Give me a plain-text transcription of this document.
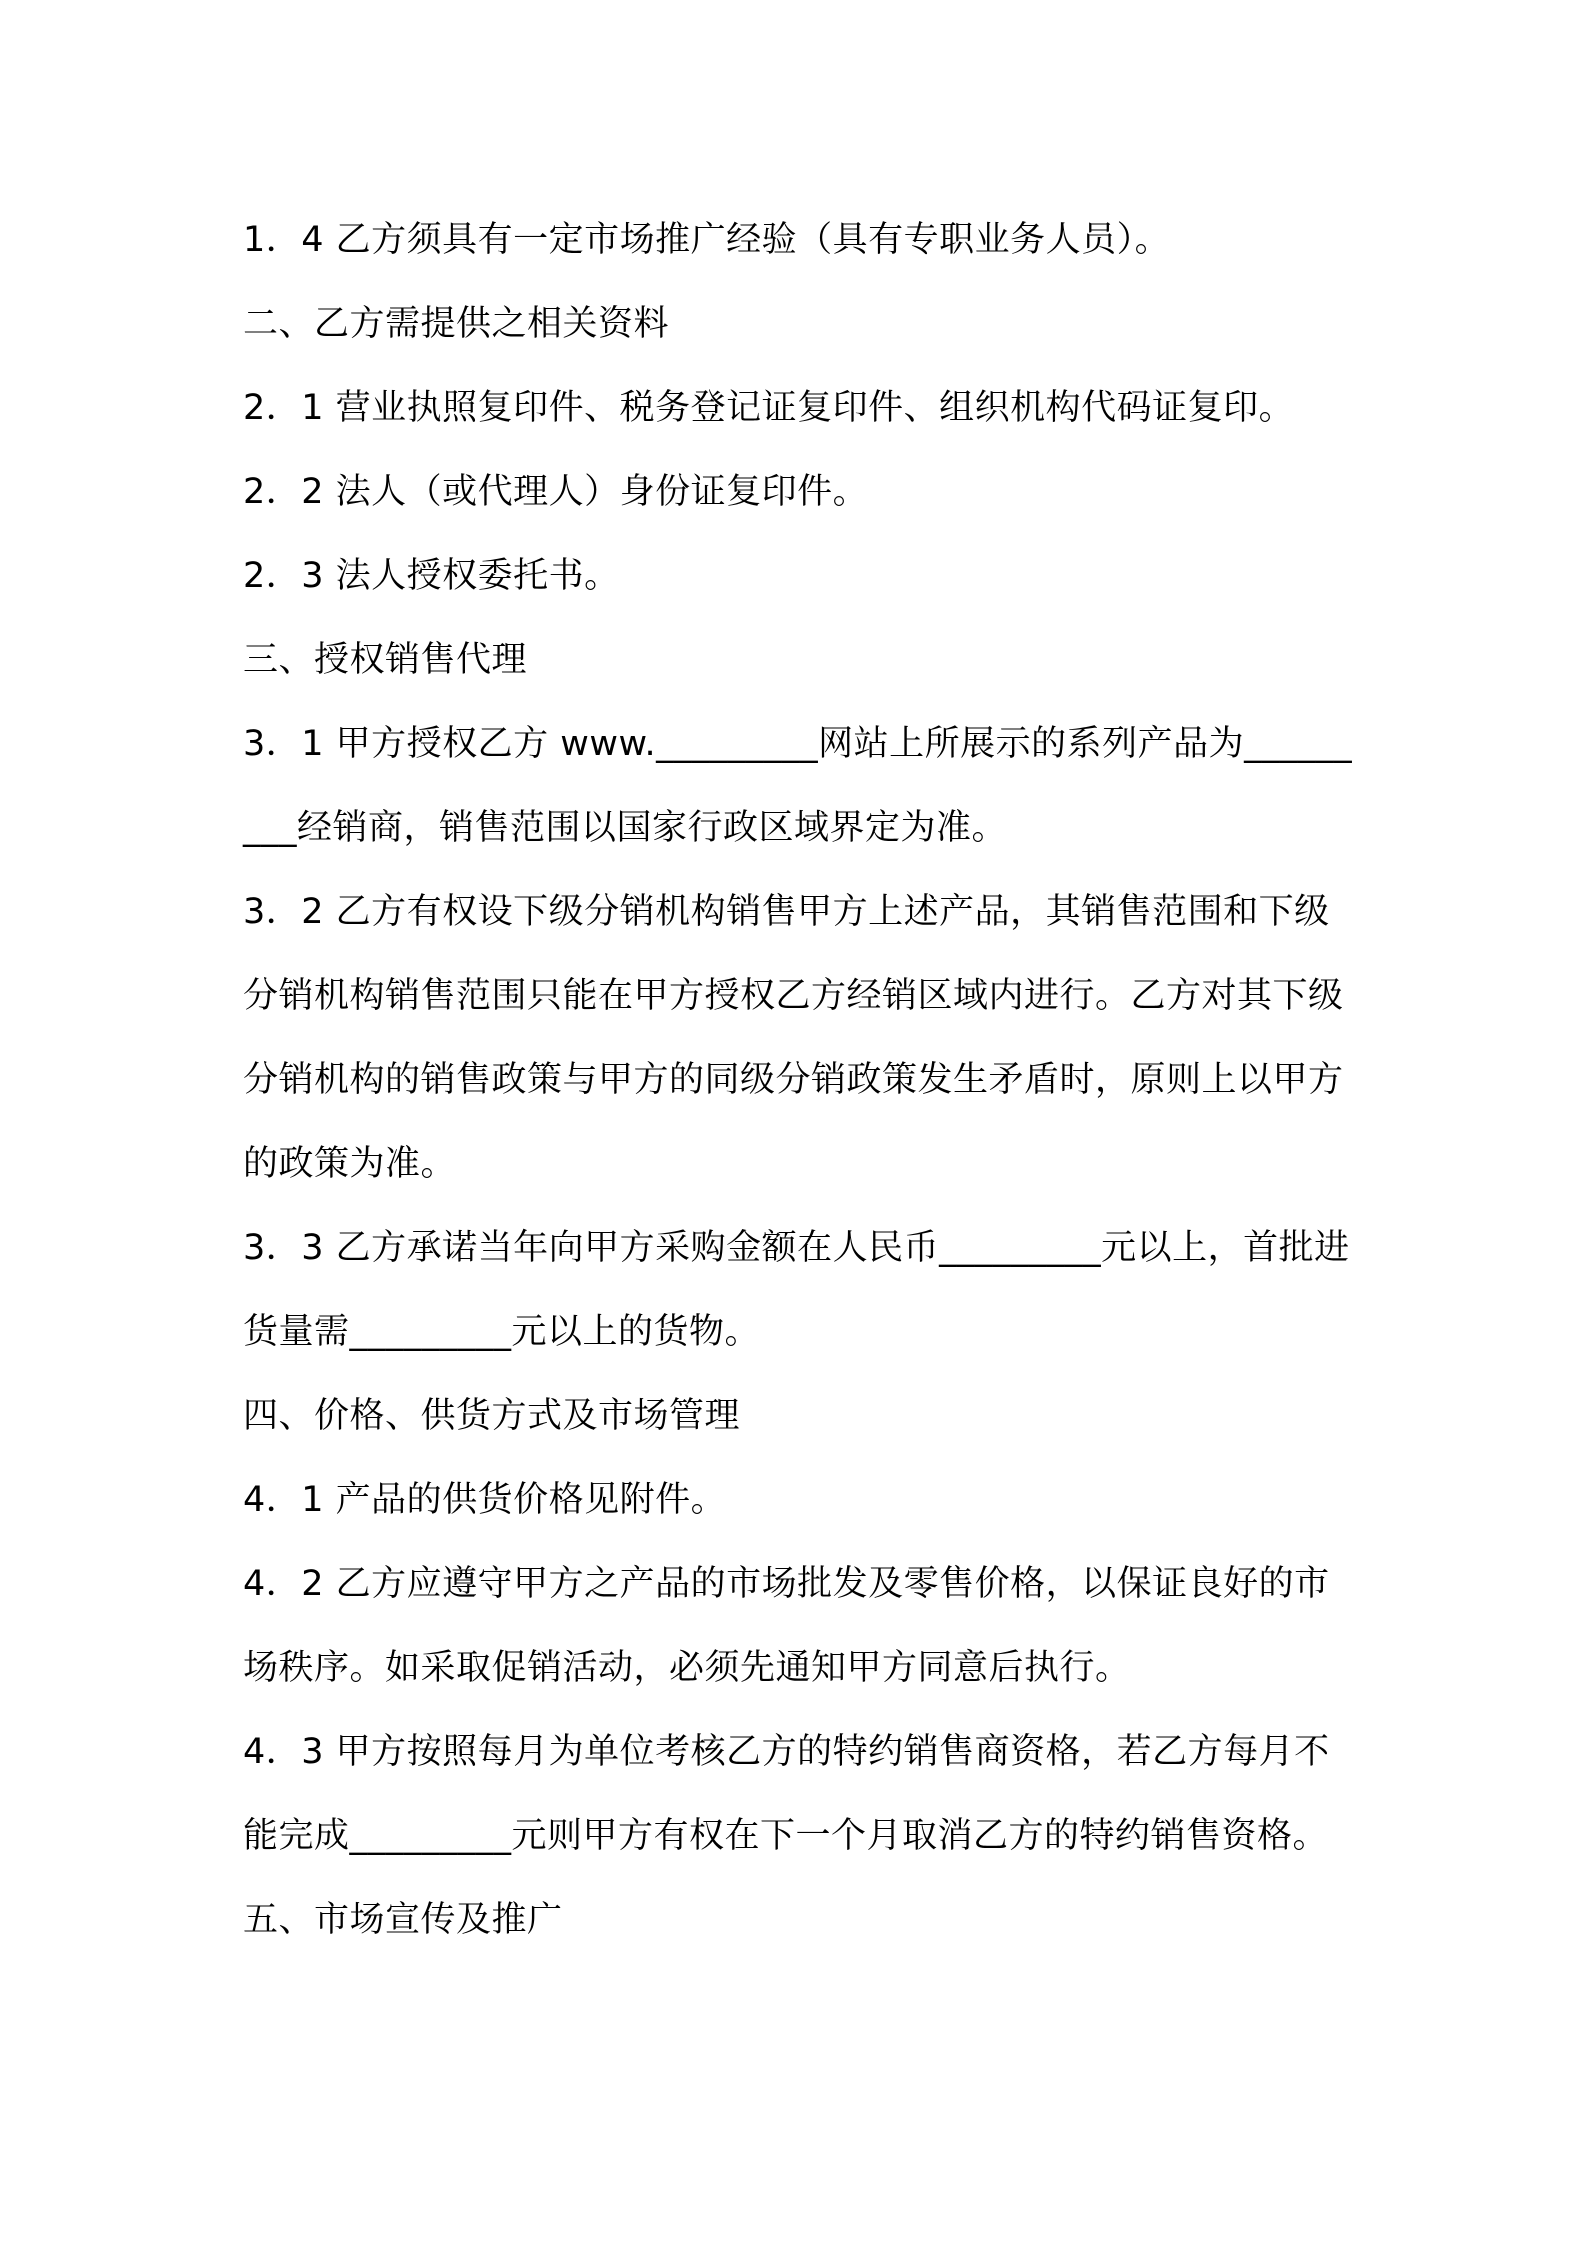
1．4 乙方须具有一定市场推广经验（具有专职业务人员）。

二、乙方需提供之相关资料

2．1 营业执照复印件、税务登记证复印件、组织机构代码证复印。

2．2 法人（或代理人）身份证复印件。

2．3 法人授权委托书。

三、授权销售代理

3．1 甲方授权乙方 www._________网站上所展示的系列产品为_________经销商，销售范围以国家行政区域界定为准。

3．2 乙方有权设下级分销机构销售甲方上述产品，其销售范围和下级分销机构销售范围只能在甲方授权乙方经销区域内进行。乙方对其下级分销机构的销售政策与甲方的同级分销政策发生矛盾时，原则上以甲方的政策为准。

3．3 乙方承诺当年向甲方采购金额在人民币_________元以上，首批进货量需_________元以上的货物。

四、价格、供货方式及市场管理

4．1 产品的供货价格见附件。

4．2 乙方应遵守甲方之产品的市场批发及零售价格，以保证良好的市场秩序。如采取促销活动，必须先通知甲方同意后执行。

4．3 甲方按照每月为单位考核乙方的特约销售商资格，若乙方每月不能完成_________元则甲方有权在下一个月取消乙方的特约销售资格。

五、市场宣传及推广
